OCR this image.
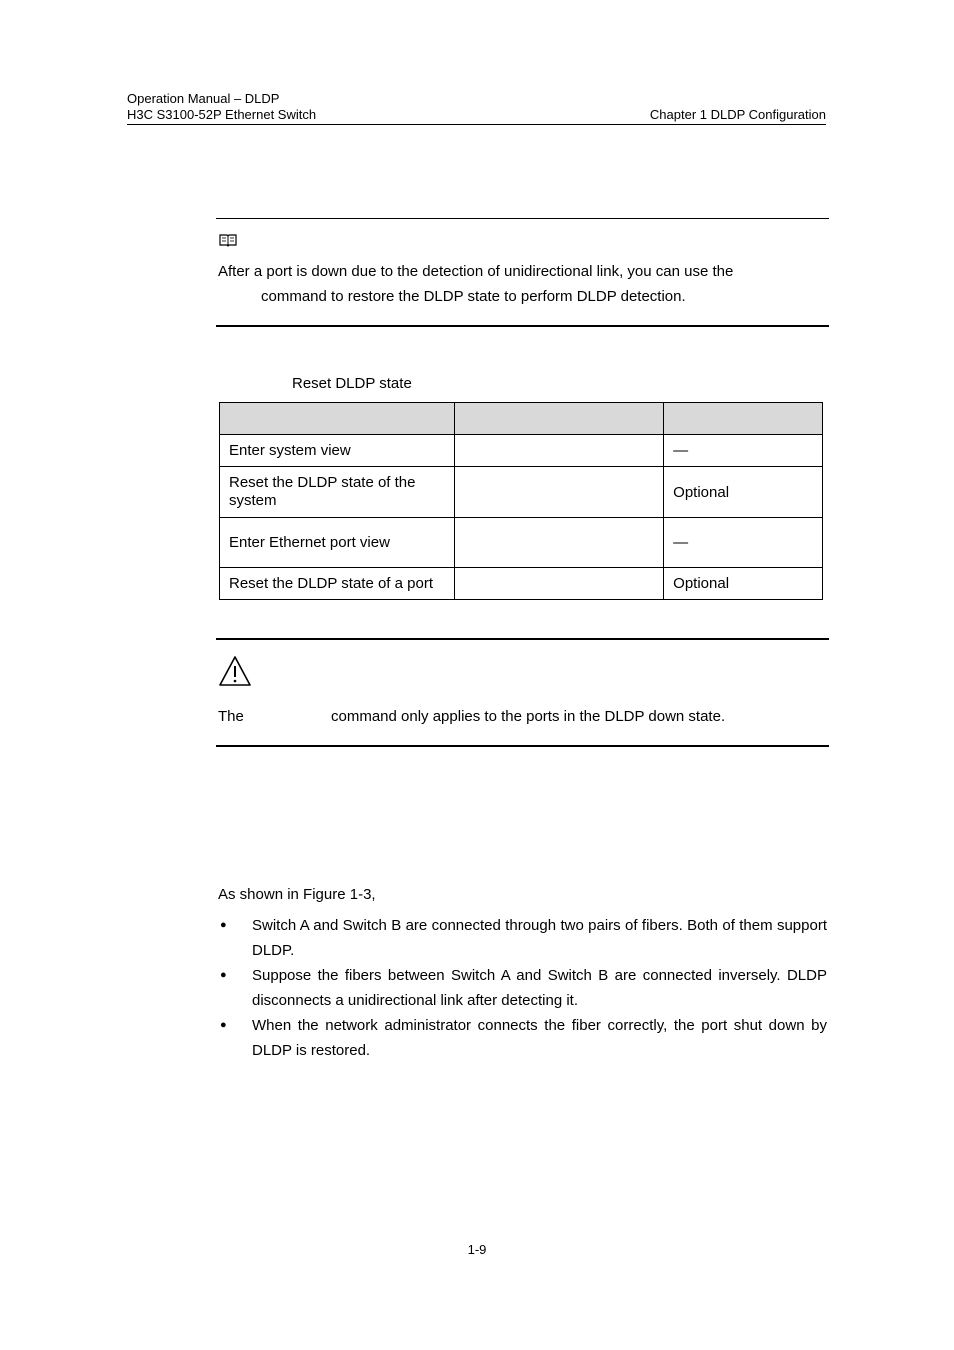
Operation Manual – DLDP
H3C S3100-52P Ethernet Switch	Chapter 1 DLDP Configuration
After a port is down due to the detection of unidirectional link, you can use the
command to restore the DLDP state to perform DLDP detection.
Reset DLDP state

Enter system view		—
Reset the DLDP state of the system		Optional
Enter Ethernet port view		—
Reset the DLDP state of a port		Optional
The	command only applies to the ports in the DLDP down state.
As shown in Figure 1-3,
● Switch A and Switch B are connected through two pairs of fibers. Both of them support DLDP.
● Suppose the fibers between Switch A and Switch B are connected inversely. DLDP disconnects a unidirectional link after detecting it.
● When the network administrator connects the fiber correctly, the port shut down by DLDP is restored.
1-9
